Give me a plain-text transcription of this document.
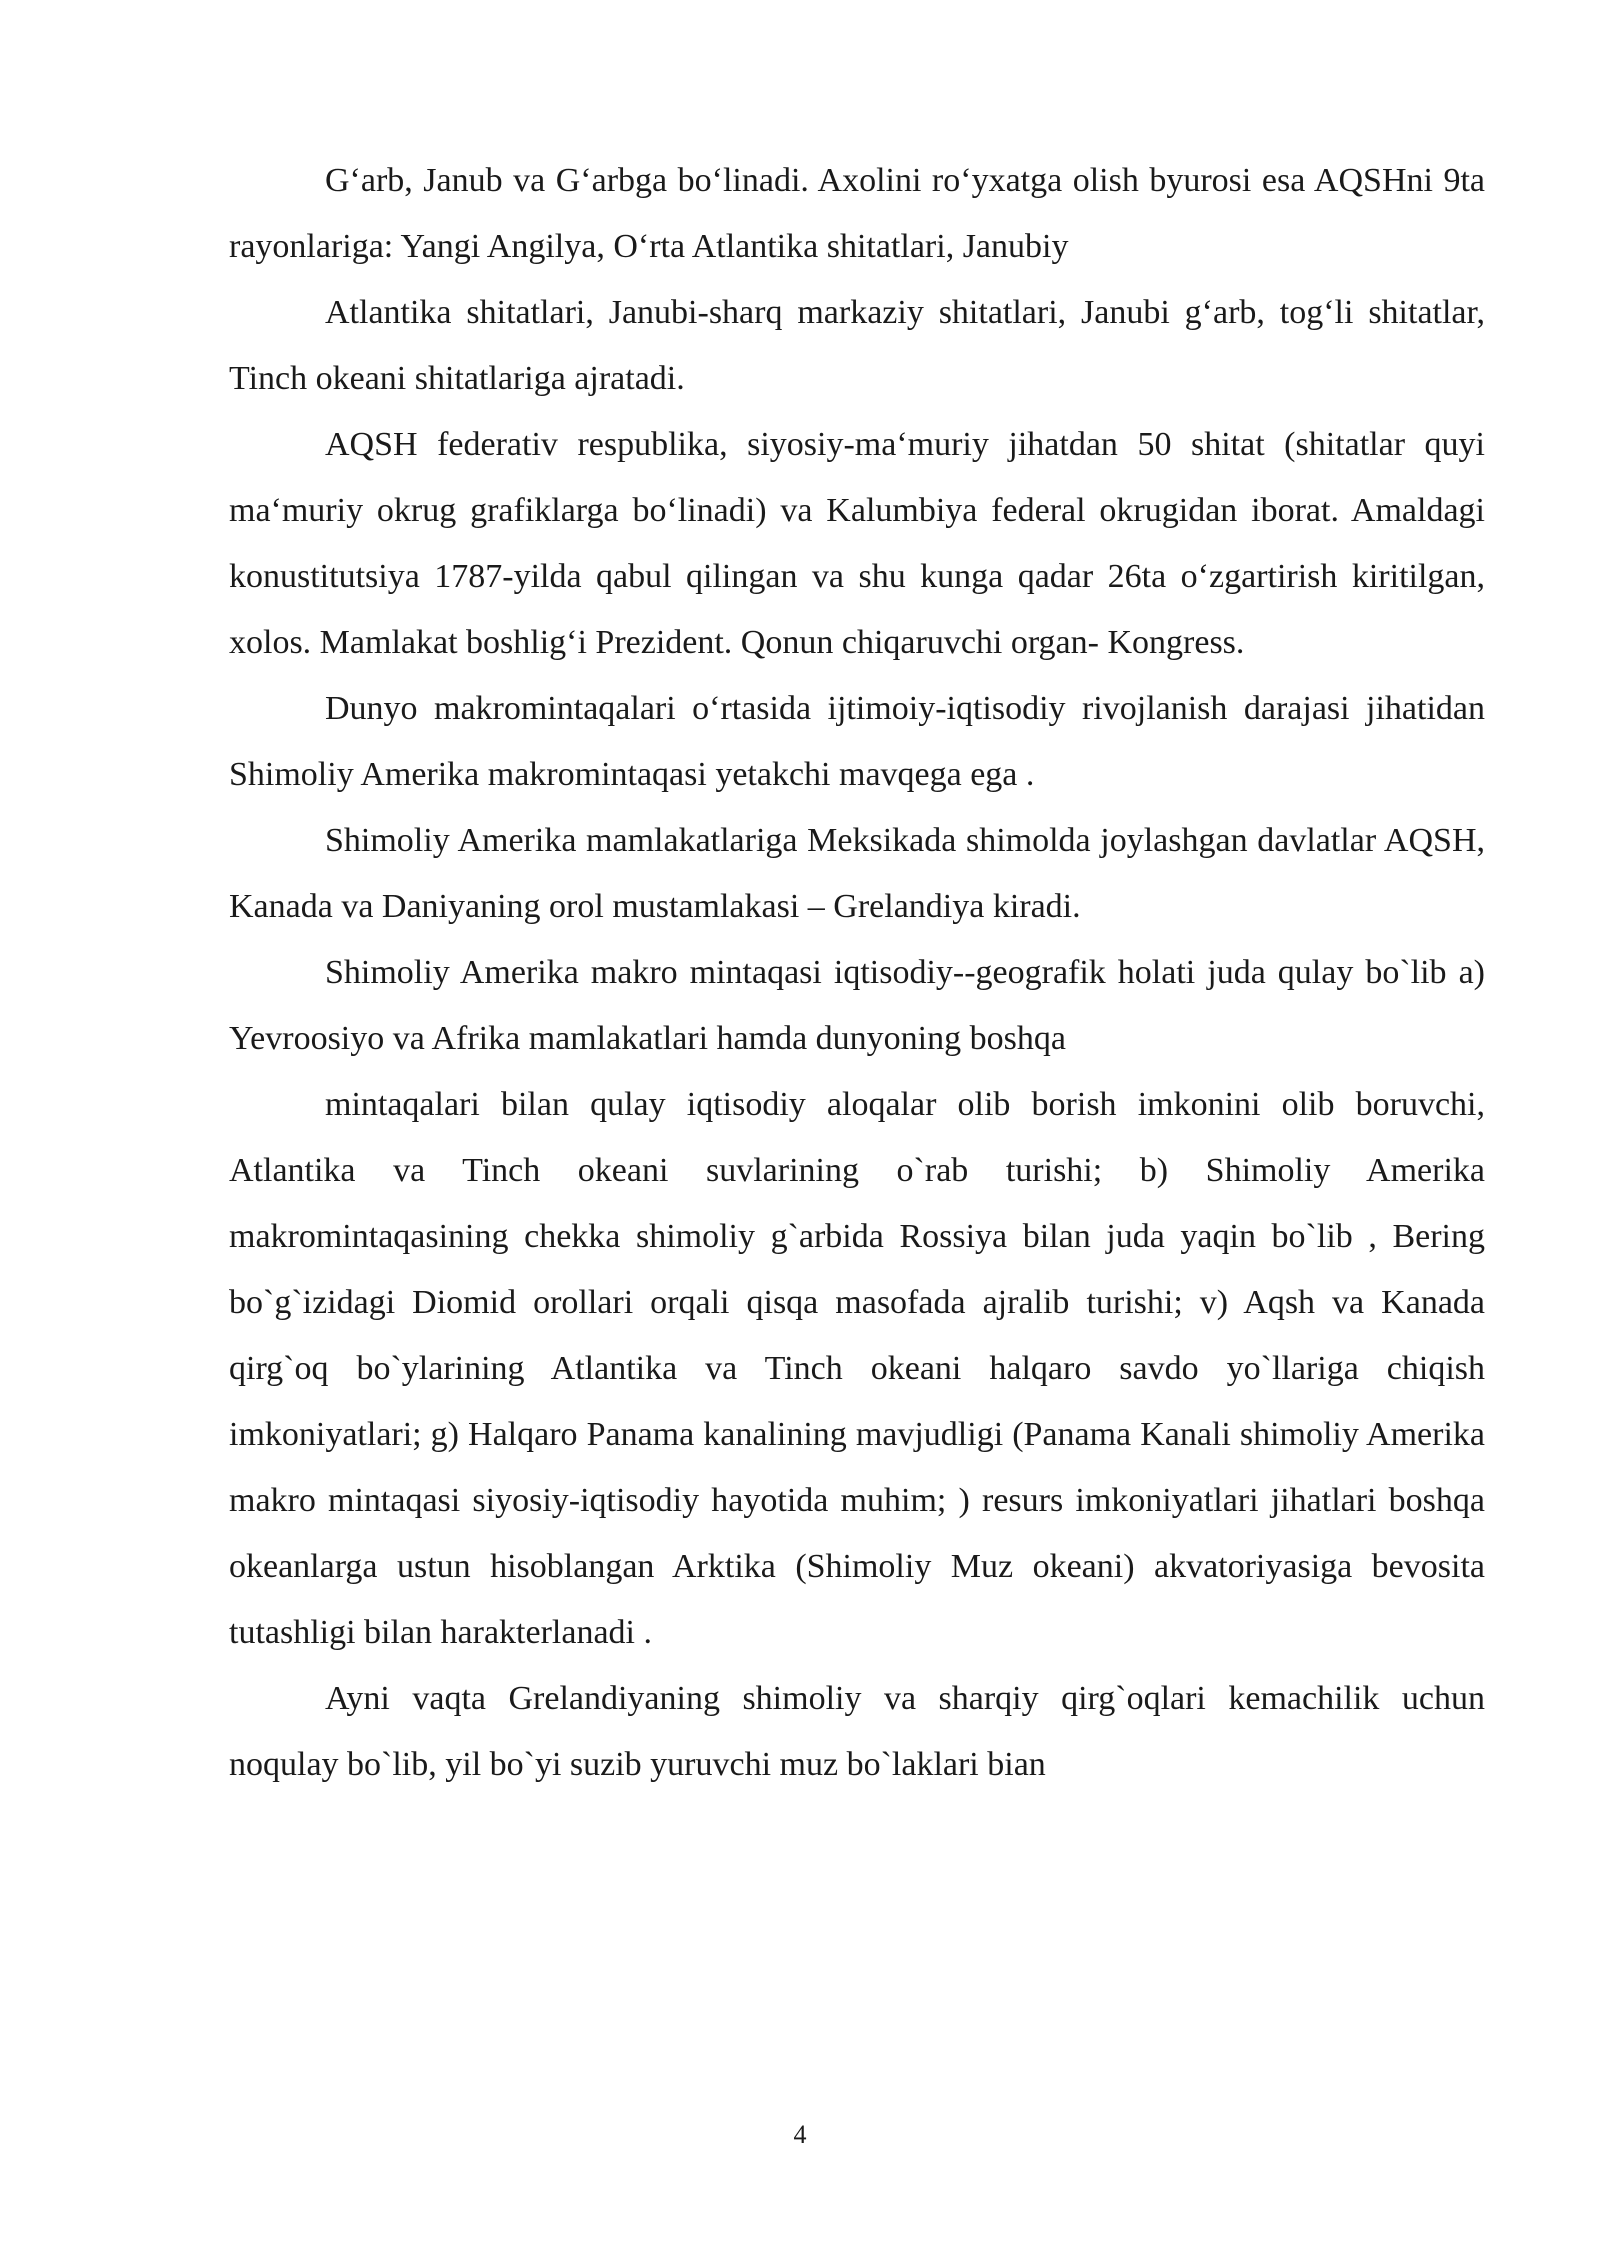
G‘arb, Janub va G‘arbga bo‘linadi. Axolini ro‘yxatga olish byurosi esa AQSHni 9ta rayonlariga: Yangi Angilya, O‘rta Atlantika shitatlari, Janubiy

Atlantika shitatlari, Janubi-sharq markaziy shitatlari, Janubi g‘arb, tog‘li shitatlar, Tinch okeani shitatlariga ajratadi.

AQSH federativ respublika, siyosiy-ma‘muriy jihatdan 50 shitat (shitatlar quyi ma‘muriy okrug grafiklarga bo‘linadi) va Kalumbiya federal okrugidan iborat. Amaldagi konustitutsiya 1787-yilda qabul qilingan va shu kunga qadar 26ta o‘zgartirish kiritilgan, xolos. Mamlakat boshlig‘i Prezident. Qonun chiqaruvchi organ- Kongress.

Dunyo makromintaqalari o‘rtasida ijtimoiy-iqtisodiy rivojlanish darajasi jihatidan Shimoliy Amerika makromintaqasi yetakchi mavqega ega .

Shimoliy Amerika mamlakatlariga Meksikada shimolda joylashgan davlatlar AQSH, Kanada va Daniyaning orol mustamlakasi – Grelandiya kiradi.

Shimoliy Amerika makro mintaqasi iqtisodiy--geografik holati juda qulay bo`lib a) Yevroosiyo va Afrika mamlakatlari hamda dunyoning boshqa

mintaqalari bilan qulay iqtisodiy aloqalar olib borish imkonini olib boruvchi, Atlantika va Tinch okeani suvlarining o`rab turishi; b) Shimoliy Amerika makromintaqasining chekka shimoliy g`arbida Rossiya bilan juda yaqin bo`lib , Bering bo`g`izidagi Diomid orollari orqali qisqa masofada ajralib turishi; v) Aqsh va Kanada qirg`oq bo`ylarining Atlantika va Tinch okeani halqaro savdo yo`llariga chiqish imkoniyatlari; g) Halqaro Panama kanalining mavjudligi (Panama Kanali shimoliy Amerika makro mintaqasi siyosiy-iqtisodiy hayotida muhim; ) resurs imkoniyatlari jihatlari boshqa okeanlarga ustun hisoblangan Arktika (Shimoliy Muz okeani) akvatoriyasiga bevosita tutashligi bilan harakterlanadi .

Ayni vaqta Grelandiyaning shimoliy va sharqiy qirg`oqlari kemachilik uchun noqulay bo`lib, yil bo`yi suzib yuruvchi muz bo`laklari bian

4
